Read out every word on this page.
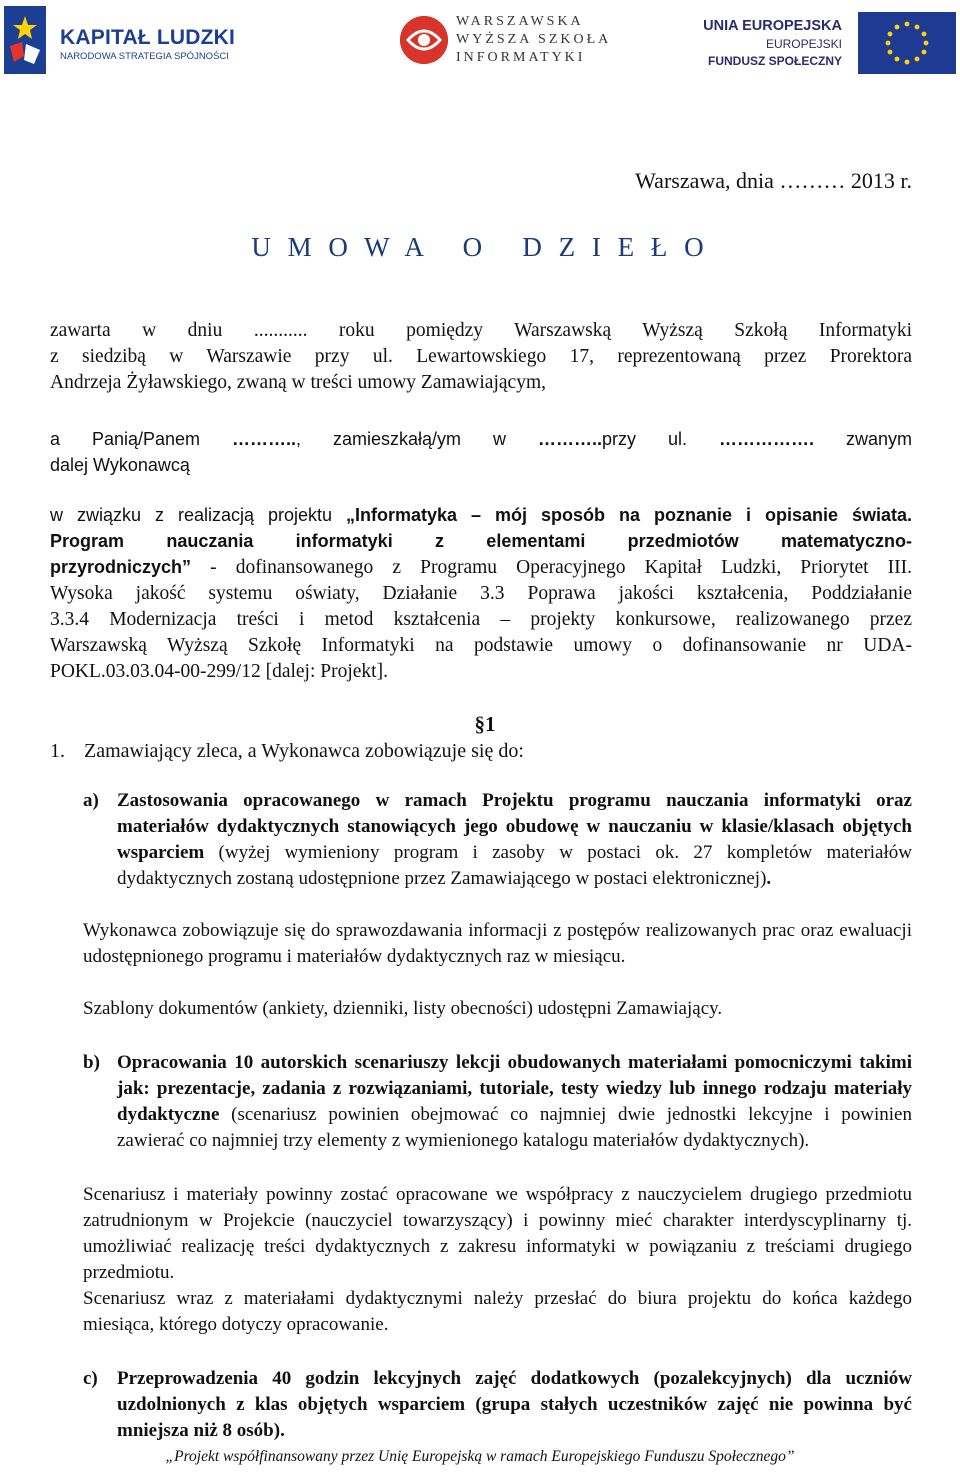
KAPITAŁ LUDZKI
NARODOWA STRATEGIA SPÓJNOŚCI
WARSZAWSKA
WYŻSZA SZKOŁA
INFORMATYKI
UNIA EUROPEJSKA
EUROPEJSKI
FUNDUSZ SPOŁECZNY
Warszawa, dnia ……… 2013 r.
U M O W A   O   D Z I E Ł O
zawarta w dniu ........... roku pomiędzy Warszawską Wyższą Szkołą Informatyki
z siedzibą w Warszawie przy ul. Lewartowskiego 17, reprezentowaną przez Prorektora
Andrzeja Żyławskiego, zwaną w treści umowy Zamawiającym,
a Panią/Panem ……….., zamieszkałą/ym w ………..przy ul. ……………. zwanym
dalej Wykonawcą
w związku z realizacją projektu „Informatyka – mój sposób na poznanie i opisanie świata.
Program nauczania informatyki z elementami przedmiotów matematyczno-
przyrodniczych” - dofinansowanego z Programu Operacyjnego Kapitał Ludzki, Priorytet III.
Wysoka jakość systemu oświaty, Działanie 3.3 Poprawa jakości kształcenia, Poddziałanie
3.3.4 Modernizacja treści i metod kształcenia – projekty konkursowe, realizowanego przez
Warszawską Wyższą Szkołę Informatyki na podstawie umowy o dofinansowanie nr UDA-
POKL.03.03.04-00-299/12 [dalej: Projekt].
§1
1. Zamawiający zleca, a Wykonawca zobowiązuje się do:
a) Zastosowania opracowanego w ramach Projektu programu nauczania informatyki oraz materiałów dydaktycznych stanowiących jego obudowę w nauczaniu w klasie/klasach objętych wsparciem (wyżej wymieniony program i zasoby w postaci ok. 27 kompletów materiałów dydaktycznych zostaną udostępnione przez Zamawiającego w postaci elektronicznej).
Wykonawca zobowiązuje się do sprawozdawania informacji z postępów realizowanych prac oraz ewaluacji udostępnionego programu i materiałów dydaktycznych raz w miesiącu.
Szablony dokumentów (ankiety, dzienniki, listy obecności) udostępni Zamawiający.
b) Opracowania 10 autorskich scenariuszy lekcji obudowanych materiałami pomocniczymi takimi jak: prezentacje, zadania z rozwiązaniami, tutoriale, testy wiedzy lub innego rodzaju materiały dydaktyczne (scenariusz powinien obejmować co najmniej dwie jednostki lekcyjne i powinien zawierać co najmniej trzy elementy z wymienionego katalogu materiałów dydaktycznych).
Scenariusz i materiały powinny zostać opracowane we współpracy z nauczycielem drugiego przedmiotu zatrudnionym w Projekcie (nauczyciel towarzyszący) i powinny mieć charakter interdyscyplinarny tj. umożliwiać realizację treści dydaktycznych z zakresu informatyki w powiązaniu z treściami drugiego przedmiotu.
Scenariusz wraz z materiałami dydaktycznymi należy przesłać do biura projektu do końca każdego miesiąca, którego dotyczy opracowanie.
c) Przeprowadzenia 40 godzin lekcyjnych zajęć dodatkowych (pozalekcyjnych) dla uczniów uzdolnionych z klas objętych wsparciem (grupa stałych uczestników zajęć nie powinna być mniejsza niż 8 osób).
„Projekt współfinansowany przez Unię Europejską w ramach Europejskiego Funduszu Społecznego”
